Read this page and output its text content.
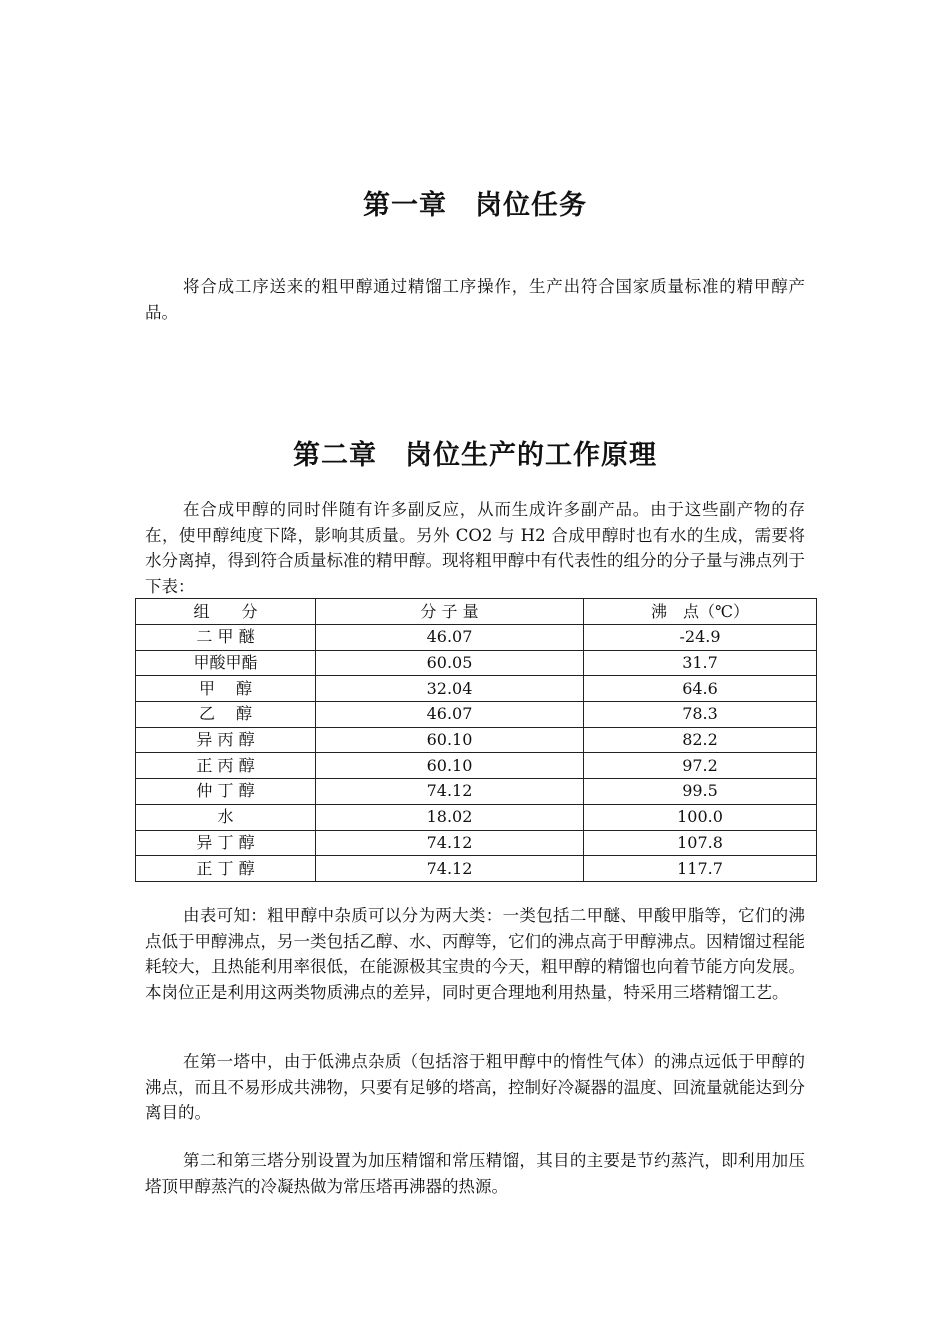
第一章　岗位任务

将合成工序送来的粗甲醇通过精馏工序操作，生产出符合国家质量标准的精甲醇产品。

第二章　岗位生产的工作原理

在合成甲醇的同时伴随有许多副反应，从而生成许多副产品。由于这些副产物的存在，使甲醇纯度下降，影响其质量。另外 CO2 与 H2 合成甲醇时也有水的生成，需要将水分离掉，得到符合质量标准的精甲醇。现将粗甲醇中有代表性的组分的分子量与沸点列于下表：

组　　分	分 子 量	沸　点（℃）
二 甲 醚	46.07	-24.9
甲酸甲酯	60.05	31.7
甲　 醇	32.04	64.6
乙　 醇	46.07	78.3
异 丙 醇	60.10	82.2
正 丙 醇	60.10	97.2
仲 丁 醇	74.12	99.5
水	18.02	100.0
异 丁 醇	74.12	107.8
正 丁 醇	74.12	117.7

由表可知：粗甲醇中杂质可以分为两大类：一类包括二甲醚、甲酸甲脂等，它们的沸点低于甲醇沸点，另一类包括乙醇、水、丙醇等，它们的沸点高于甲醇沸点。因精馏过程能耗较大，且热能利用率很低，在能源极其宝贵的今天，粗甲醇的精馏也向着节能方向发展。本岗位正是利用这两类物质沸点的差异，同时更合理地利用热量，特采用三塔精馏工艺。

在第一塔中，由于低沸点杂质（包括溶于粗甲醇中的惰性气体）的沸点远低于甲醇的沸点，而且不易形成共沸物，只要有足够的塔高，控制好冷凝器的温度、回流量就能达到分离目的。

第二和第三塔分别设置为加压精馏和常压精馏，其目的主要是节约蒸汽，即利用加压塔顶甲醇蒸汽的冷凝热做为常压塔再沸器的热源。
